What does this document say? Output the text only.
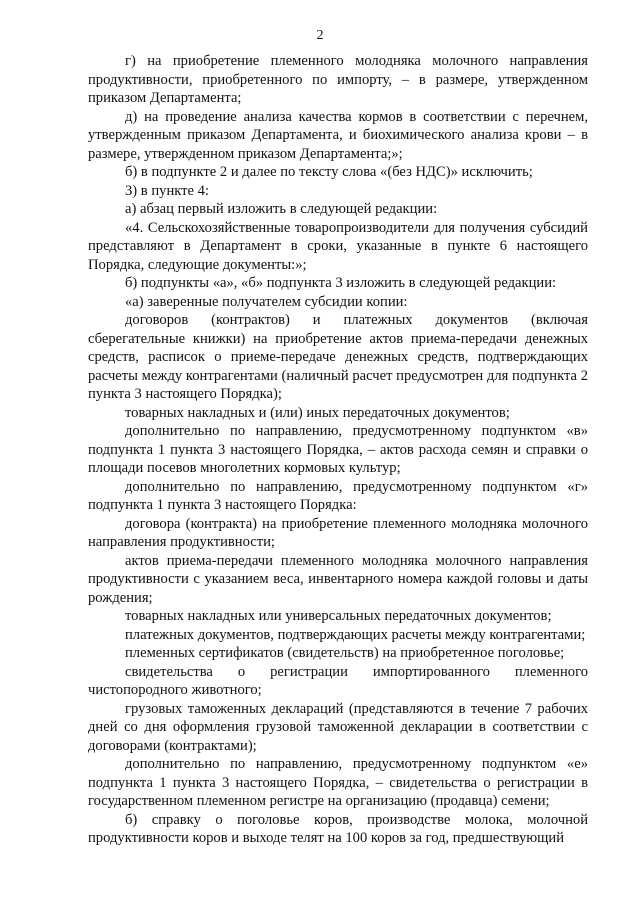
2

г) на приобретение племенного молодняка молочного направления продуктивности, приобретенного по импорту, – в размере, утвержденном приказом Департамента;

д) на проведение анализа качества кормов в соответствии с перечнем, утвержденным приказом Департамента, и биохимического анализа крови – в размере, утвержденном приказом Департамента;»;

б) в подпункте 2 и далее по тексту слова «(без НДС)» исключить;

3) в пункте 4:

а) абзац первый изложить в следующей редакции:

«4. Сельскохозяйственные товаропроизводители для получения субсидий представляют в Департамент в сроки, указанные в пункте 6 настоящего Порядка, следующие документы:»;

б) подпункты «а», «б» подпункта 3 изложить в следующей редакции:

«а) заверенные получателем субсидии копии:

договоров (контрактов) и платежных документов (включая сберегательные книжки) на приобретение актов приема-передачи денежных средств, расписок о приеме-передаче денежных средств, подтверждающих расчеты между контрагентами (наличный расчет предусмотрен для подпункта 2 пункта 3 настоящего Порядка);

товарных накладных и (или) иных передаточных документов;

дополнительно по направлению, предусмотренному подпунктом «в» подпункта 1 пункта 3 настоящего Порядка, – актов расхода семян и справки о площади посевов многолетних кормовых культур;

дополнительно по направлению, предусмотренному подпунктом «г» подпункта 1 пункта 3 настоящего Порядка:

договора (контракта) на приобретение племенного молодняка молочного направления продуктивности;

актов приема-передачи племенного молодняка молочного направления продуктивности с указанием веса, инвентарного номера каждой головы и даты рождения;

товарных накладных или универсальных передаточных документов;

платежных документов, подтверждающих расчеты между контрагентами;

племенных сертификатов (свидетельств) на приобретенное поголовье;

свидетельства о регистрации импортированного племенного чистопородного животного;

грузовых таможенных деклараций (представляются в течение 7 рабочих дней со дня оформления грузовой таможенной декларации в соответствии с договорами (контрактами);

дополнительно по направлению, предусмотренному подпунктом «е» подпункта 1 пункта 3 настоящего Порядка, – свидетельства о регистрации в государственном племенном регистре на организацию (продавца) семени;

б) справку о поголовье коров, производстве молока, молочной продуктивности коров и выходе телят на 100 коров за год, предшествующий
